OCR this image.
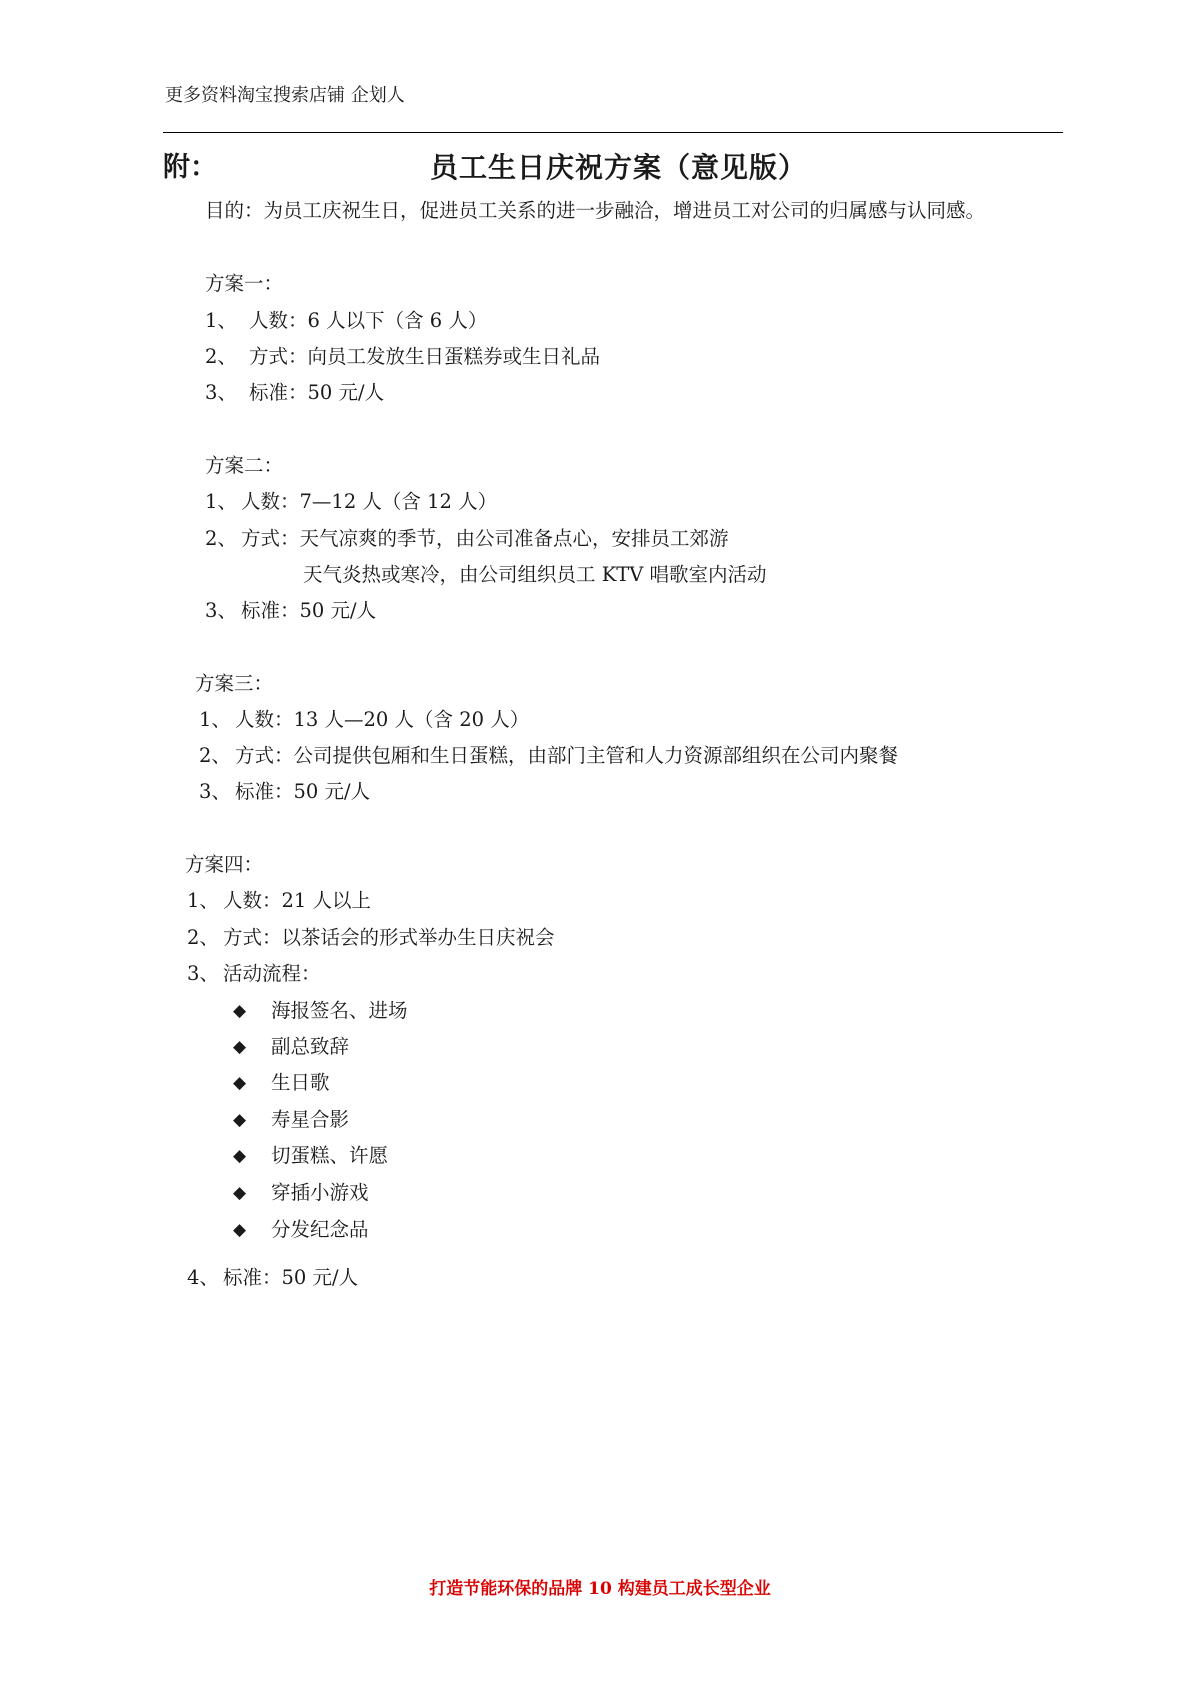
更多资料淘宝搜索店铺 企划人
附：	员工生日庆祝方案（意见版）
目的：为员工庆祝生日，促进员工关系的进一步融洽，增进员工对公司的归属感与认同感。
方案一：
1、 人数：6 人以下（含 6 人）
2、 方式：向员工发放生日蛋糕券或生日礼品
3、 标准：50 元/人
方案二：
1、 人数：7—12 人（含 12 人）
2、 方式：天气凉爽的季节，由公司准备点心，安排员工郊游
天气炎热或寒冷，由公司组织员工 KTV 唱歌室内活动
3、 标准：50 元/人
方案三：
1、 人数：13 人—20 人（含 20 人）
2、 方式：公司提供包厢和生日蛋糕，由部门主管和人力资源部组织在公司内聚餐
3、 标准：50 元/人
方案四：
1、 人数：21 人以上
2、 方式：以茶话会的形式举办生日庆祝会
3、 活动流程：
◆ 海报签名、进场
◆ 副总致辞
◆ 生日歌
◆ 寿星合影
◆ 切蛋糕、许愿
◆ 穿插小游戏
◆ 分发纪念品
4、 标准：50 元/人
打造节能环保的品牌 10 构建员工成长型企业
